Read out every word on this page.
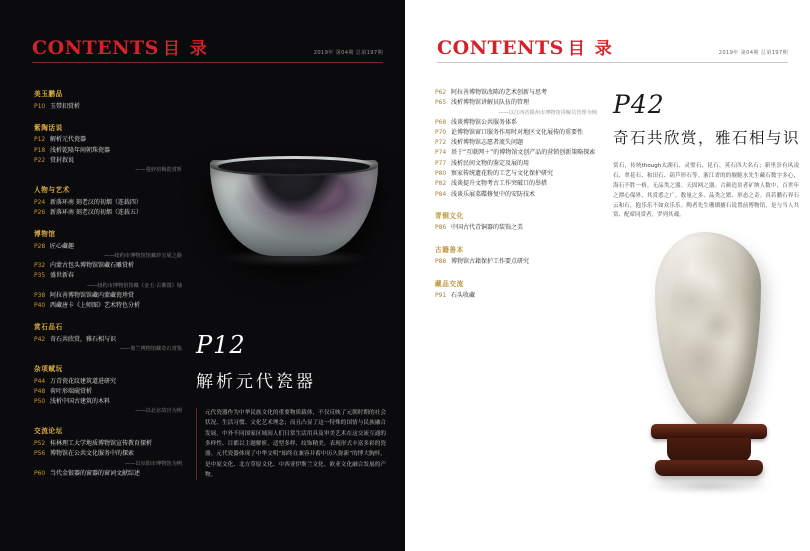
CONTENTS 目 录	2019年 第04期 总第197期
美玉鹏品
P10 玉带扣赏析
紫陶话说
P12 解析元代瓷器
P18 浅析乾隆年间朝珠瓷器
P22 赏封叙说
——曼妙窑梅瓷赏析
人物与艺术
P24 新落环南 刻老汉的初烟（连载四）
P26 新落环南 刻老汉的初烟（连载五）
博物馆
P28 匠心藏趣
——纽约市博物馆馆藏珍宝展之路
P32 内蒙古包头博物馆馆藏石雕赏析
P35 盛世新春
——纽约市博物馆馆藏《金玉·古佛图》轴
P38 阿拉善博物馆馆藏内蒙藏瓷珍赏
P40 西藏唐卡《上师图》艺术特色分析
赏石品石
P42 奇石共欣赏，雅石相与识
——奥兰博物馆藏奇石赏鉴
杂项赋玩
P44 万青瓷花纹建筑道进研究
P48 荷叶形端砚赏析
P50 浅析中国古建筑的木料
——以北京故宫为例
交流论坛
P52 桂林理工大学地质博物馆宣传教育探析
P56 博物馆在公共文化服务中的探索
——以阜阳市博物馆为例
P60 当代金银器的窗器的窗词文献综述
P12
解析元代瓷器
元代瓷器作为中华民族文化的重要物质载体，不仅反映了元朝时期的社会状况、生活习惯、文化艺术理念；而且凸显了这一特殊的国情与民族融合发展。中外不同国家区域间人们日常生活用具及审美艺术在这交流互通的多样性、目都以主题解析，适型多样、纹饰精美，表现形式丰富多彩的瓷器。元代瓷器体现了中华文明“始终在兼容并蓄中历久弥新”的博大胸怀，是中原文化、北方草原文化、中西亚伊斯兰文化、欧亚文化融合发展的产物。
CONTENTS 目 录	2019年 第04期 总第197期
P62 阿拉善博物馆改陈的艺术创新与思考
P65 浅析博物馆讲解员队伍的管理
——以江西省赣州市博物馆讲解员管理为例
P68 浅谈博物馆公共服务体系
P70 论博物馆窗口服务作用时对地区文化展传的重要性
P72 浅析博物馆志愿者流失问题
P74 基于“互联网＋”的博物馆文创产品的营销创新策略探索
P77 浅析民间文物的鉴定及展的用
P80 察家传统遗花粉的工艺与文化保护研究
P82 浅谈提升文物考古工作突破口的举措
P84 浅谈乐展菜碟修复中的安防技术
青铜文化
P86 中国古代青铜器的装饰之美
古籍善本
P88 博物馆古籍保护工作要点研究
藏品交流
P91 石头收藏
P42
奇石共欣赏，雅石相与识
赏石，传统though太湖石、灵璧石、昆石、英石四大名石；新里崇有风凌石、翠花石、和田石、葫芦形石等。浙江省的的舰脆水先生藏石数字多心，海石不胜一格。无品类之器。天固网之器。合颜造景者矿纳人数中，百世年之潭心保界，其赏悉之广。数量之多、品类之繁、形态之奇。真若鹏石界石云和石，抱乐乐不如众乐乐。陶者先生珊瑚捕石说置前博物馆，是与当人共赏、配席同赏者，罗列其魂。
